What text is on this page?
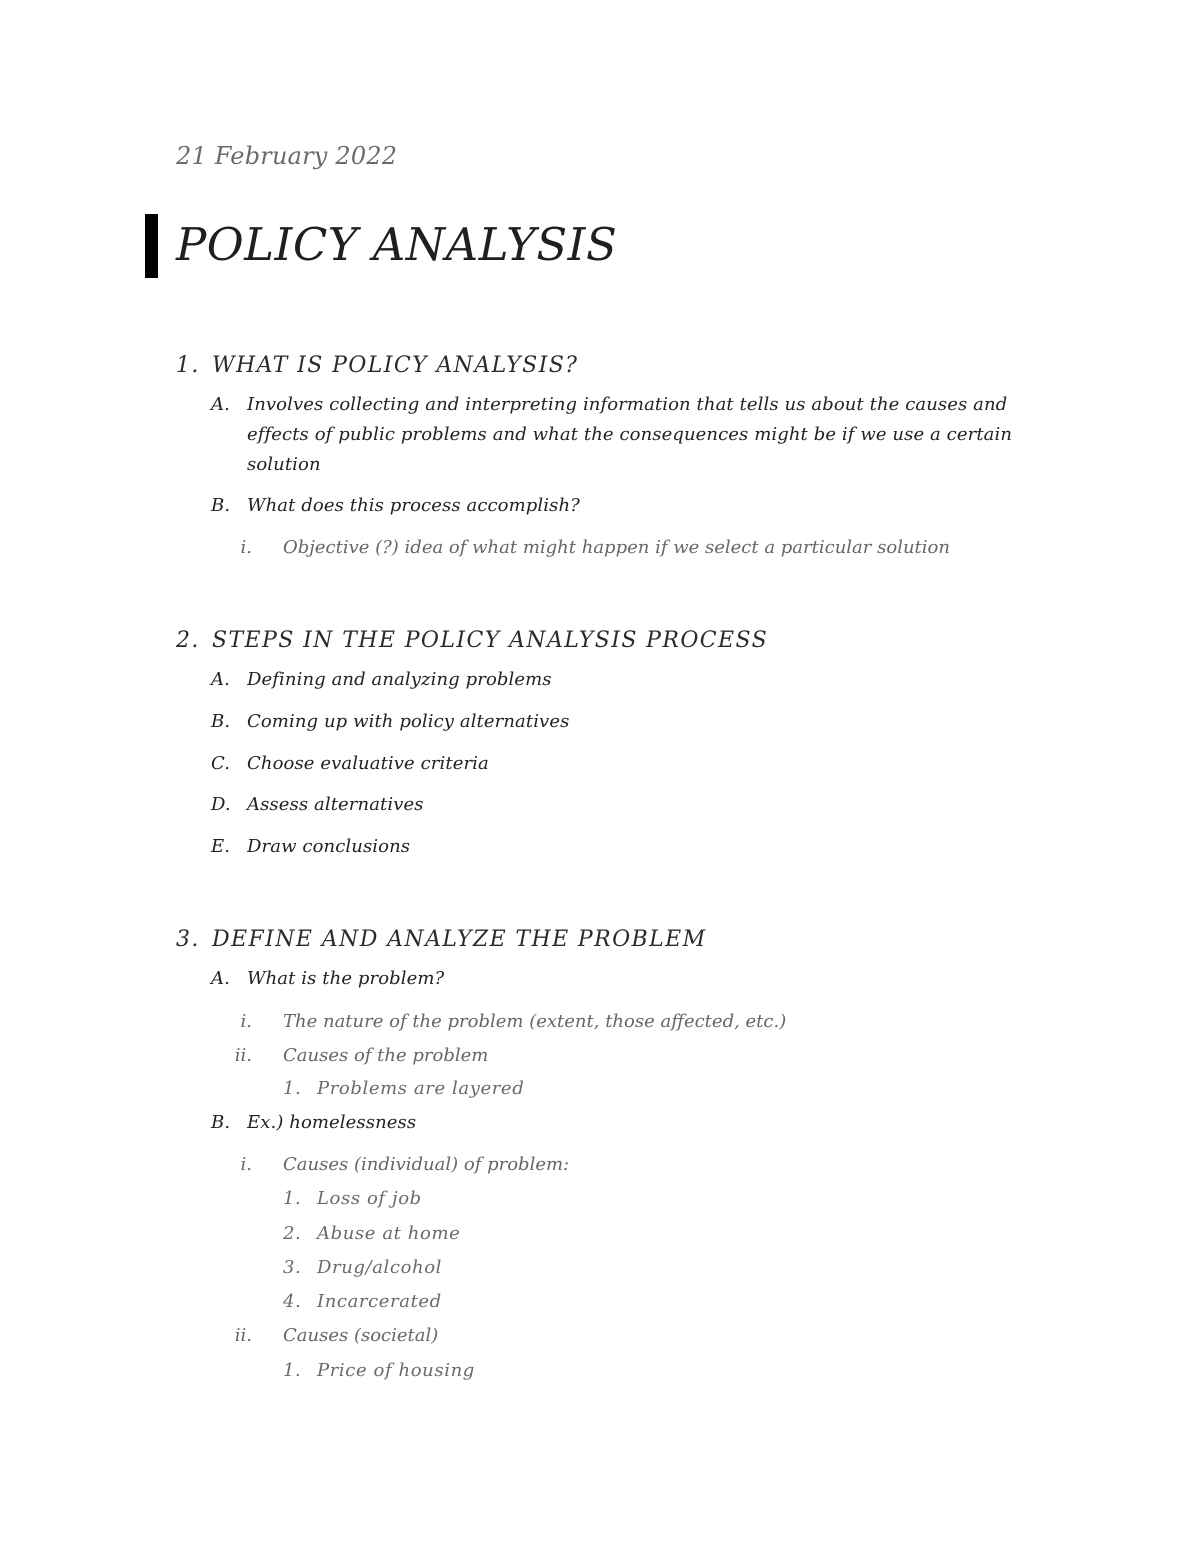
21 February 2022
POLICY ANALYSIS
1. WHAT IS POLICY ANALYSIS?
A. Involves collecting and interpreting information that tells us about the causes and
effects of public problems and what the consequences might be if we use a certain
solution
B. What does this process accomplish?
i. Objective (?) idea of what might happen if we select a particular solution
2. STEPS IN THE POLICY ANALYSIS PROCESS
A. Defining and analyzing problems
B. Coming up with policy alternatives
C. Choose evaluative criteria
D. Assess alternatives
E. Draw conclusions
3. DEFINE AND ANALYZE THE PROBLEM
A. What is the problem?
i. The nature of the problem (extent, those affected, etc.)
ii. Causes of the problem
1. Problems are layered
B. Ex.) homelessness
i. Causes (individual) of problem:
1. Loss of job
2. Abuse at home
3. Drug/alcohol
4. Incarcerated
ii. Causes (societal)
1. Price of housing
